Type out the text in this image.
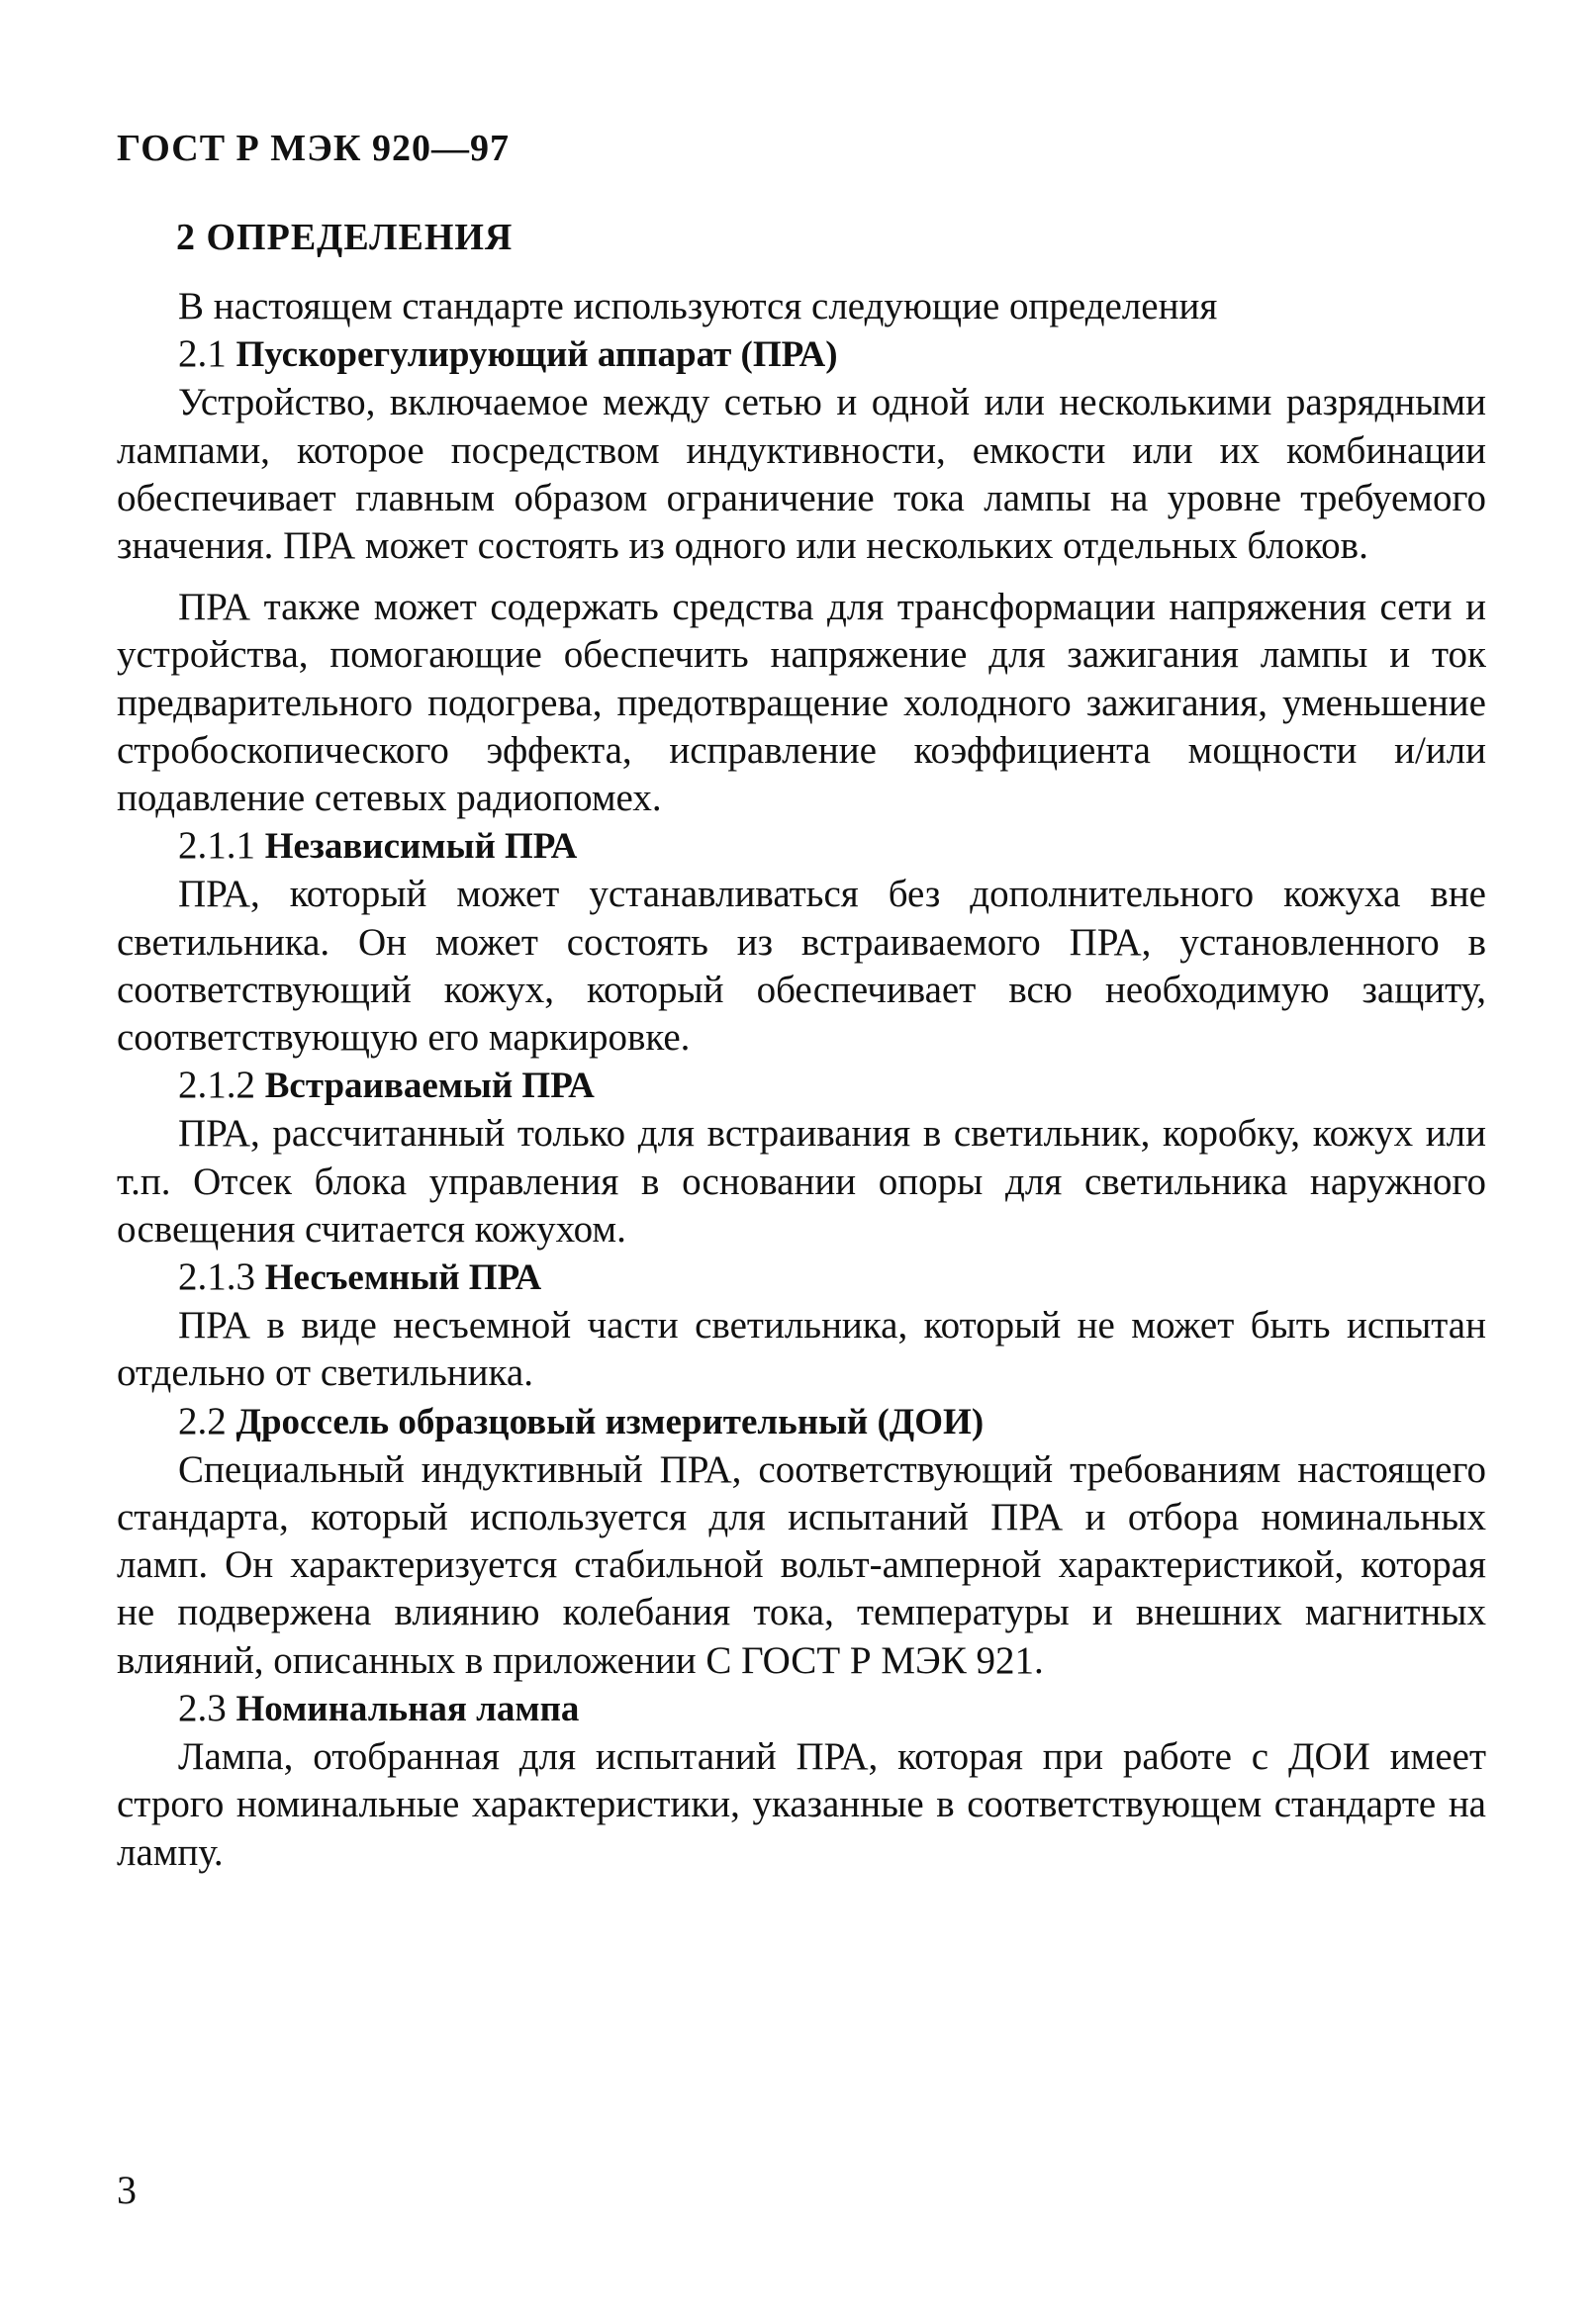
ГОСТ Р МЭК 920—97
2 ОПРЕДЕЛЕНИЯ

В настоящем стандарте используются следующие определения

2.1 Пускорегулирующий аппарат (ПРА)

Устройство, включаемое между сетью и одной или несколькими разрядными лампами, которое посредством индуктивности, емкости или их комбинации обеспечивает главным образом ограничение тока лампы на уровне требуемого значения. ПРА может состоять из одного или нескольких отдельных блоков.

ПРА также может содержать средства для трансформации напряжения сети и устройства, помогающие обеспечить напряжение для зажигания лампы и ток предварительного подогрева, предотвращение холодного зажигания, уменьшение стробоскопического эффекта, исправление коэффициента мощности и/или подавление сетевых радиопомех.

2.1.1 Независимый ПРА

ПРА, который может устанавливаться без дополнительного кожуха вне светильника. Он может состоять из встраиваемого ПРА, установленного в соответствующий кожух, который обеспечивает всю необходимую защиту, соответствующую его маркировке.

2.1.2 Встраиваемый ПРА

ПРА, рассчитанный только для встраивания в светильник, коробку, кожух или т.п. Отсек блока управления в основании опоры для светильника наружного освещения считается кожухом.

2.1.3 Несъемный ПРА

ПРА в виде несъемной части светильника, который не может быть испытан отдельно от светильника.

2.2 Дроссель образцовый измерительный (ДОИ)

Специальный индуктивный ПРА, соответствующий требованиям настоящего стандарта, который используется для испытаний ПРА и отбора номинальных ламп. Он характеризуется стабильной вольт-амперной характеристикой, которая не подвержена влиянию колебания тока, температуры и внешних магнитных влияний, описанных в приложении С ГОСТ Р МЭК 921.

2.3 Номинальная лампа

Лампа, отобранная для испытаний ПРА, которая при работе с ДОИ имеет строго номинальные характеристики, указанные в соответствующем стандарте на лампу.

3
